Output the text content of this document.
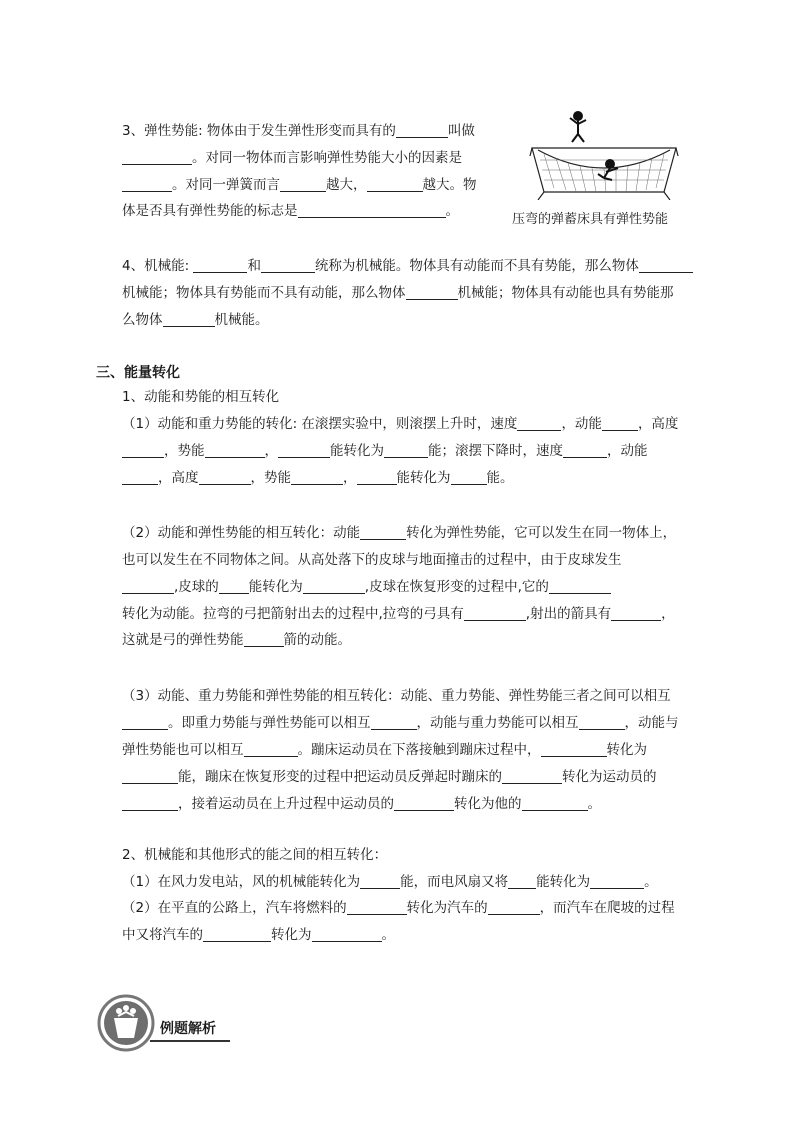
3、弹性势能: 物体由于发生弹性形变而具有的	叫做
。对同一物体而言影响弹性势能大小的因素是
。对同一弹簧而言	越大，	越大。物
体是否具有弹性势能的标志是	。
压弯的弹蓄床具有弹性势能
4、机械能:	和	统称为机械能。物体具有动能而不具有势能，那么物体
机械能；物体具有势能而不具有动能，那么物体	机械能；物体具有动能也具有势能那
么物体	机械能。
三、能量转化
1、动能和势能的相互转化
（1）动能和重力势能的转化: 在滚摆实验中，则滚摆上升时，速度	，动能	，高度
，势能	，	能转化为	能；滚摆下降时，速度	，动能
，高度	，势能	，	能转化为	能。
（2）动能和弹性势能的相互转化：动能	转化为弹性势能，它可以发生在同一物体上，
也可以发生在不同物体之间。从高处落下的皮球与地面撞击的过程中，由于皮球发生
,皮球的 能转化为	,皮球在恢复形变的过程中,它的
转化为动能。拉弯的弓把箭射出去的过程中,拉弯的弓具有	,射出的箭具有	，
这就是弓的弹性势能	箭的动能。
（3）动能、重力势能和弹性势能的相互转化：动能、重力势能、弹性势能三者之间可以相互
。即重力势能与弹性势能可以相互	，动能与重力势能可以相互	，动能与
弹性势能也可以相互	。蹦床运动员在下落接触到蹦床过程中，	转化为
能，蹦床在恢复形变的过程中把运动员反弹起时蹦床的	转化为运动员的
，接着运动员在上升过程中运动员的	转化为他的	。
2、机械能和其他形式的能之间的相互转化：
（1）在风力发电站，风的机械能转化为	能，而电风扇又将 能转化为	。
（2）在平直的公路上，汽车将燃料的	转化为汽车的	，而汽车在爬坡的过程
中又将汽车的	转化为	。
例题解析
